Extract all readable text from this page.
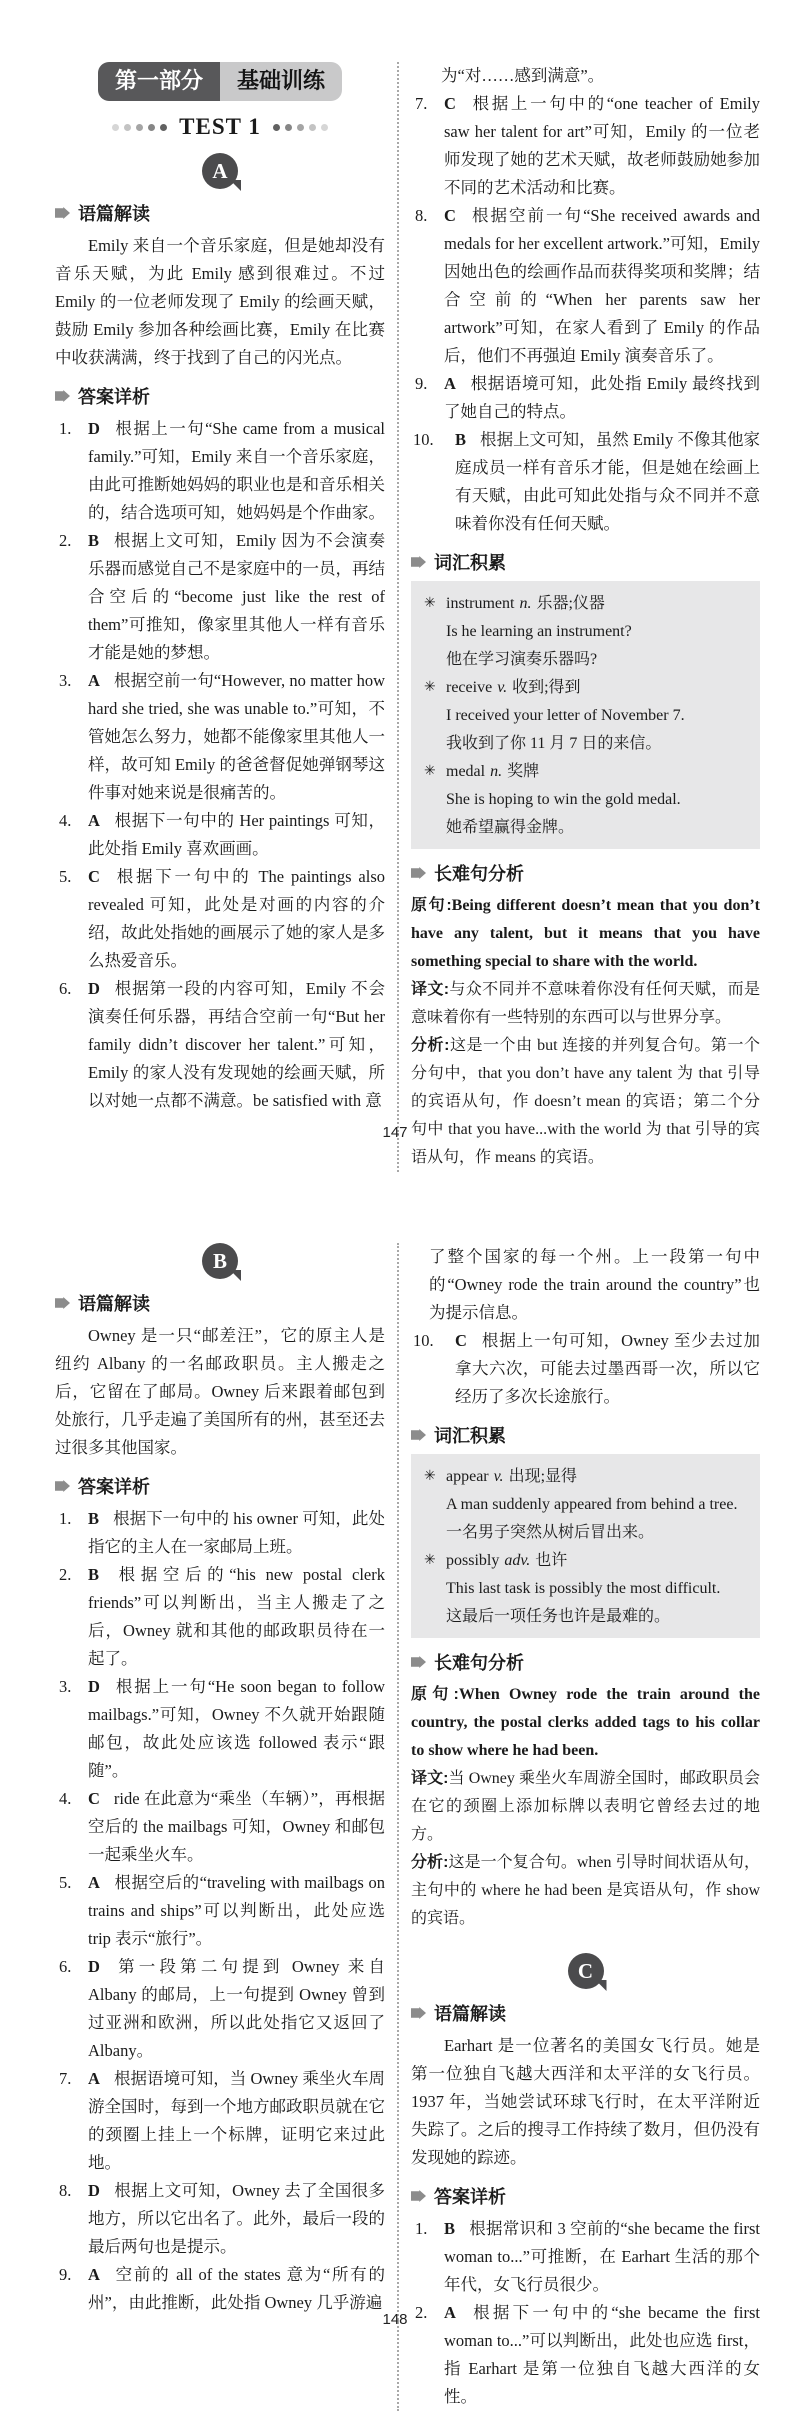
第一部分	基础训练
TEST 1
A
语篇解读

Emily 来自一个音乐家庭，但是她却没有音乐天赋，为此 Emily 感到很难过。不过 Emily 的一位老师发现了 Emily 的绘画天赋，鼓励 Emily 参加各种绘画比赛，Emily 在比赛中收获满满，终于找到了自己的闪光点。

答案详析
1. D 根据上一句“She came from a musical family.”可知，Emily 来自一个音乐家庭，由此可推断她妈妈的职业也是和音乐相关的，结合选项可知，她妈妈是个作曲家。
2. B 根据上文可知，Emily 因为不会演奏乐器而感觉自己不是家庭中的一员，再结合空后的“become just like the rest of them”可推知，像家里其他人一样有音乐才能是她的梦想。
3. A 根据空前一句“However, no matter how hard she tried, she was unable to.”可知，不管她怎么努力，她都不能像家里其他人一样，故可知 Emily 的爸爸督促她弹钢琴这件事对她来说是很痛苦的。
4. A 根据下一句中的 Her paintings 可知，此处指 Emily 喜欢画画。
5. C 根据下一句中的 The paintings also revealed 可知，此处是对画的内容的介绍，故此处指她的画展示了她的家人是多么热爱音乐。
6. D 根据第一段的内容可知，Emily 不会演奏任何乐器，再结合空前一句“But her family didn’t discover her talent.”可知，Emily 的家人没有发现她的绘画天赋，所以对她一点都不满意。be satisfied with 意

为“对……感到满意”。

7. C 根据上一句中的“one teacher of Emily saw her talent for art”可知，Emily 的一位老师发现了她的艺术天赋，故老师鼓励她参加不同的艺术活动和比赛。
8. C 根据空前一句“She received awards and medals for her excellent artwork.”可知，Emily 因她出色的绘画作品而获得奖项和奖牌；结合空前的“When her parents saw her artwork”可知，在家人看到了 Emily 的作品后，他们不再强迫 Emily 演奏音乐了。
9. A 根据语境可知，此处指 Emily 最终找到了她自己的特点。
10. B 根据上文可知，虽然 Emily 不像其他家庭成员一样有音乐才能，但是她在绘画上有天赋，由此可知此处指与众不同并不意味着你没有任何天赋。
词汇积累
✳ instrument n. 乐器;仪器
Is he learning an instrument?
他在学习演奏乐器吗?
✳ receive v. 收到;得到
I received your letter of November 7.
我收到了你 11 月 7 日的来信。
✳ medal n. 奖牌
She is hoping to win the gold medal.
她希望赢得金牌。
长难句分析

原句:Being different doesn’t mean that you don’t have any talent, but it means that you have something special to share with the world.

译文:与众不同并不意味着你没有任何天赋，而是意味着你有一些特别的东西可以与世界分享。

分析:这是一个由 but 连接的并列复合句。第一个分句中，that you don’t have any talent 为 that 引导的宾语从句，作 doesn’t mean 的宾语；第二个分句中 that you have...with the world 为 that 引导的宾语从句，作 means 的宾语。

147
B
语篇解读

Owney 是一只“邮差汪”，它的原主人是纽约 Albany 的一名邮政职员。主人搬走之后，它留在了邮局。Owney 后来跟着邮包到处旅行，几乎走遍了美国所有的州，甚至还去过很多其他国家。

答案详析
1. B 根据下一句中的 his owner 可知，此处指它的主人在一家邮局上班。
2. B 根据空后的“his new postal clerk friends”可以判断出，当主人搬走了之后，Owney 就和其他的邮政职员待在一起了。
3. D 根据上一句“He soon began to follow mailbags.”可知，Owney 不久就开始跟随邮包，故此处应该选 followed 表示“跟随”。
4. C ride 在此意为“乘坐（车辆）”，再根据空后的 the mailbags 可知，Owney 和邮包一起乘坐火车。
5. A 根据空后的“traveling with mailbags on trains and ships”可以判断出，此处应选 trip 表示“旅行”。
6. D 第一段第二句提到 Owney 来自 Albany 的邮局，上一句提到 Owney 曾到过亚洲和欧洲，所以此处指它又返回了 Albany。
7. A 根据语境可知，当 Owney 乘坐火车周游全国时，每到一个地方邮政职员就在它的颈圈上挂上一个标牌，证明它来过此地。
8. D 根据上文可知，Owney 去了全国很多地方，所以它出名了。此外，最后一段的最后两句也是提示。
9. A 空前的 all of the states 意为“所有的州”，由此推断，此处指 Owney 几乎游遍

了整个国家的每一个州。上一段第一句中的“Owney rode the train around the country”也为提示信息。

10. C 根据上一句可知，Owney 至少去过加拿大六次，可能去过墨西哥一次，所以它经历了多次长途旅行。
词汇积累
✳ appear v. 出现;显得
A man suddenly appeared from behind a tree.
一名男子突然从树后冒出来。
✳ possibly adv. 也许
This last task is possibly the most difficult.
这最后一项任务也许是最难的。
长难句分析

原句:When Owney rode the train around the country, the postal clerks added tags to his collar to show where he had been.

译文:当 Owney 乘坐火车周游全国时，邮政职员会在它的颈圈上添加标牌以表明它曾经去过的地方。

分析:这是一个复合句。when 引导时间状语从句，主句中的 where he had been 是宾语从句，作 show 的宾语。

C
语篇解读

Earhart 是一位著名的美国女飞行员。她是第一位独自飞越大西洋和太平洋的女飞行员。1937 年，当她尝试环球飞行时，在太平洋附近失踪了。之后的搜寻工作持续了数月，但仍没有发现她的踪迹。

答案详析
1. B 根据常识和 3 空前的“she became the first woman to...”可推断，在 Earhart 生活的那个年代，女飞行员很少。
2. A 根据下一句中的“she became the first woman to...”可以判断出，此处也应选 first，指 Earhart 是第一位独自飞越大西洋的女性。
148
